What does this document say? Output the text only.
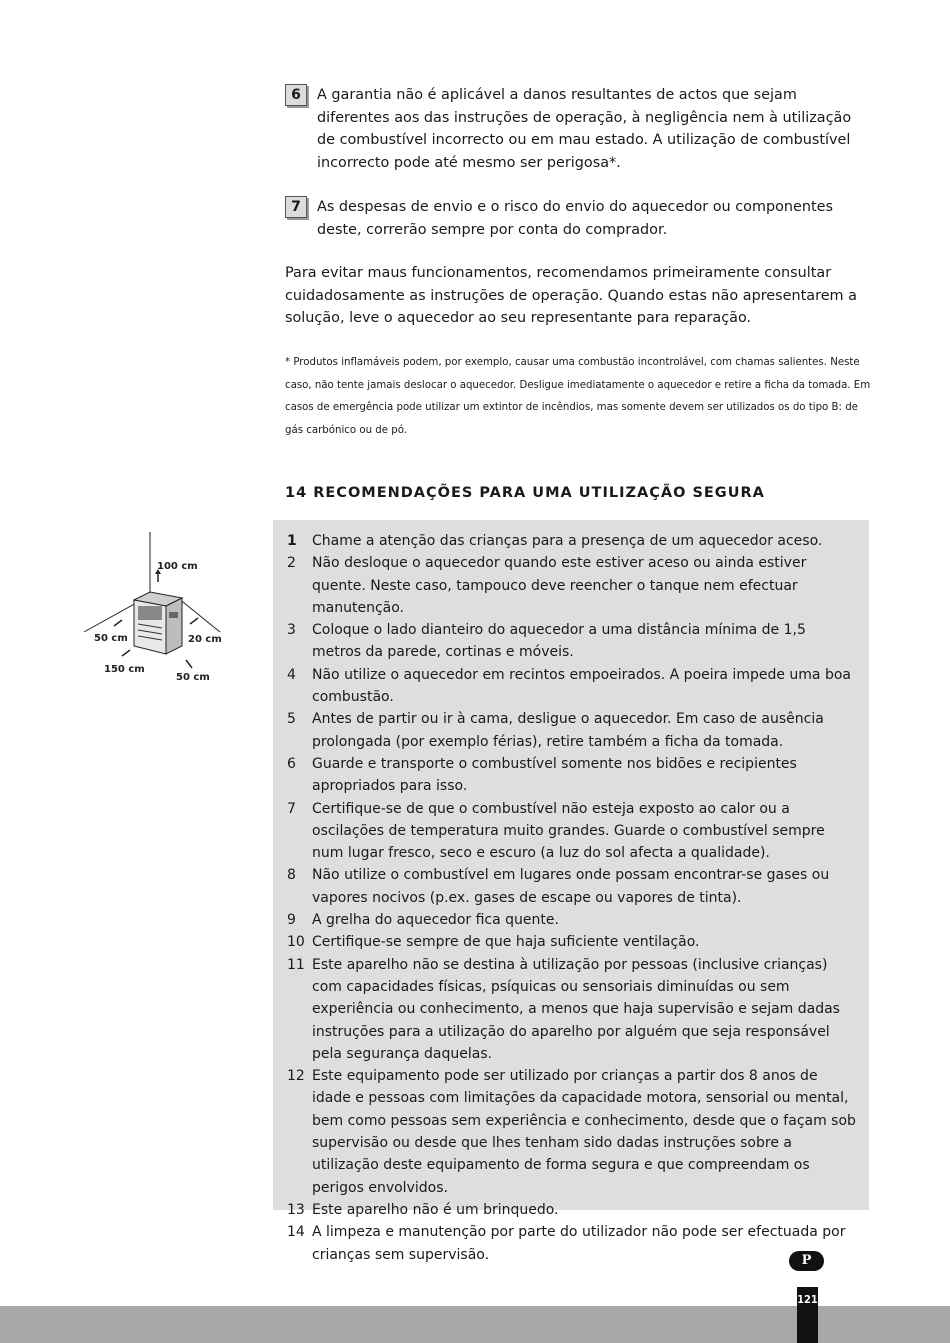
6	A garantia não é aplicável a danos resultantes de actos que sejam diferentes aos das instruções de operação, à negligência nem à utilização de combustível incorrecto ou em mau estado. A utilização de combustível incorrecto pode até mesmo ser perigosa*.

7	As despesas de envio e o risco do envio do aquecedor ou componentes deste, correrão sempre por conta do comprador.

Para evitar maus funcionamentos, recomendamos primeiramente consultar cuidadosamente as instruções de operação. Quando estas não apresentarem a solução, leve o aquecedor ao seu representante para reparação.

* Produtos inflamáveis podem, por exemplo, causar uma combustão incontrolável, com chamas salientes. Neste caso, não tente jamais deslocar o aquecedor. Desligue imediatamente o aquecedor e retire a ficha da tomada. Em casos de emergência pode utilizar um extintor de incêndios, mas somente devem ser utilizados os do tipo B: de gás carbónico ou de pó.

14 RECOMENDAÇÕES PARA UMA UTILIZAÇÃO SEGURA
100 cm
50 cm	20 cm
150 cm
50 cm
1	Chame a atenção das crianças para a presença de um aquecedor aceso.
2	Não desloque o aquecedor quando este estiver aceso ou ainda estiver quente. Neste caso, tampouco deve reencher o tanque nem efectuar manutenção.
3	Coloque o lado dianteiro do aquecedor a uma distância mínima de 1,5 metros da parede, cortinas e móveis.
4	Não utilize o aquecedor em recintos empoeirados. A poeira impede uma boa combustão.
5	Antes de partir ou ir à cama, desligue o aquecedor. Em caso de ausência prolongada (por exemplo férias), retire também a ficha da tomada.
6	Guarde e transporte o combustível somente nos bidões e recipientes apropriados para isso.
7	Certifique-se de que o combustível não esteja exposto ao calor ou a oscilações de temperatura muito grandes. Guarde o combustível sempre num lugar fresco, seco e escuro (a luz do sol afecta a qualidade).
8	Não utilize o combustível em lugares onde possam encontrar-se gases ou vapores nocivos (p.ex. gases de escape ou vapores de tinta).
9	A grelha do aquecedor fica quente.
10 Certifique-se sempre de que haja suficiente ventilação.
11 Este aparelho não se destina à utilização por pessoas (inclusive crianças) com capacidades físicas, psíquicas ou sensoriais diminuídas ou sem experiência ou conhecimento, a menos que haja supervisão e sejam dadas instruções para a utilização do aparelho por alguém que seja responsável pela segurança daquelas.
12 Este equipamento pode ser utilizado por crianças a partir dos 8 anos de idade e pessoas com limitações da capacidade motora, sensorial ou mental, bem como pessoas sem experiência e conhecimento, desde que o façam sob supervisão ou desde que lhes tenham sido dadas instruções sobre a utilização deste equipamento de forma segura e que compreendam os perigos envolvidos.
13 Este aparelho não é um brinquedo.
14 A limpeza e manutenção por parte do utilizador não pode ser efectuada por crianças sem supervisão.	P
121
